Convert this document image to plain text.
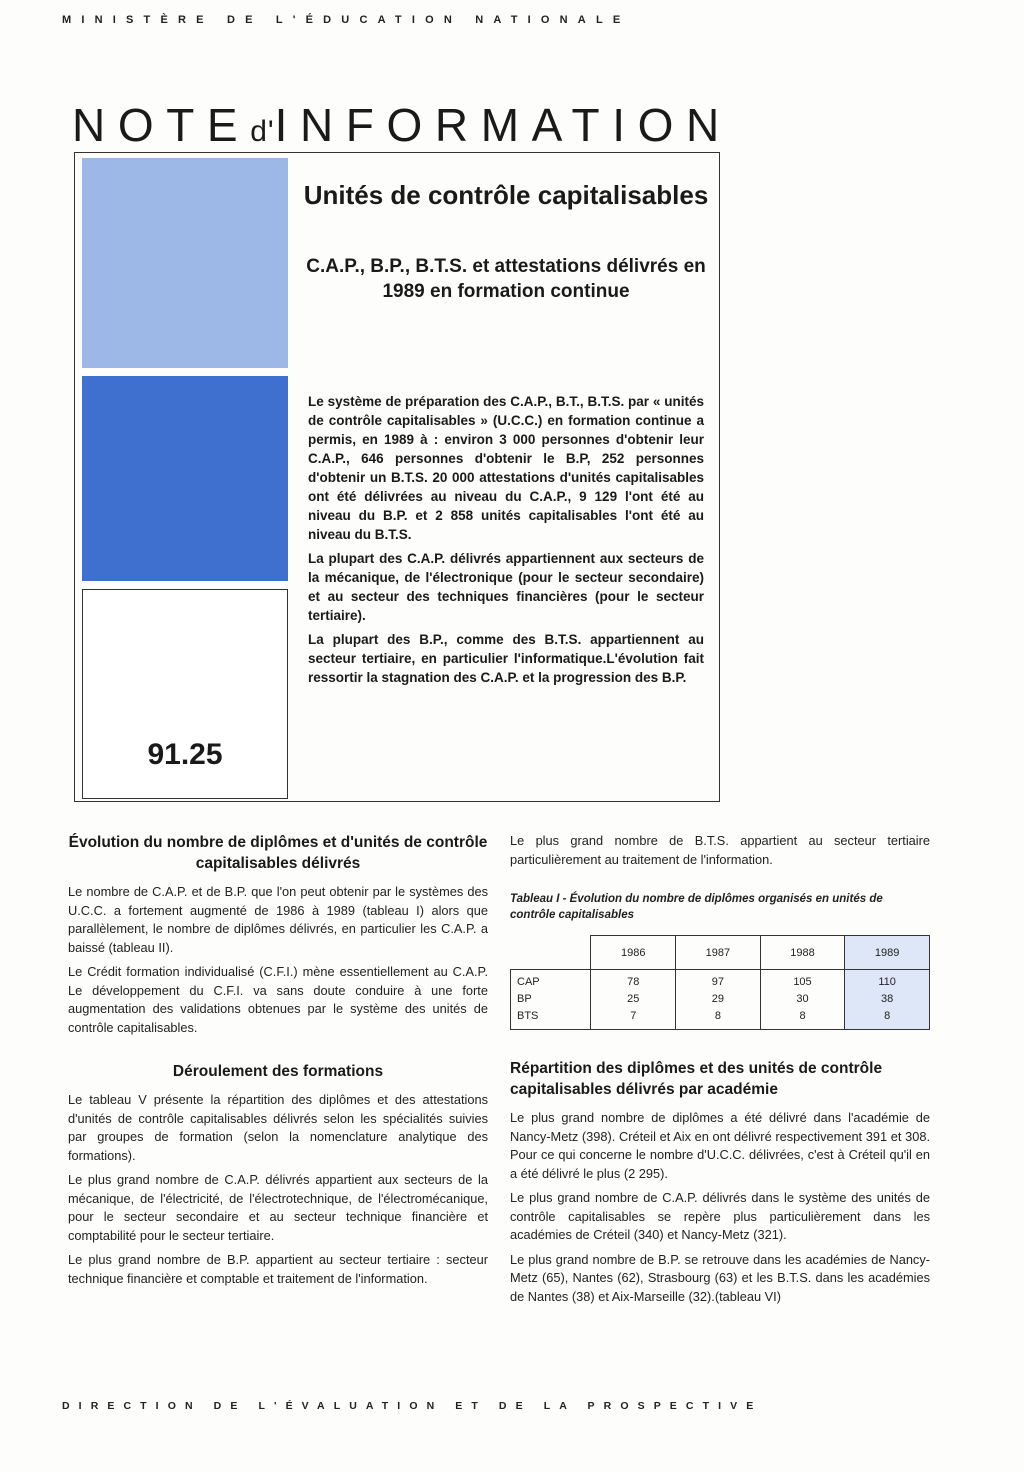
MINISTÈRE DE L'ÉDUCATION NATIONALE
NOTEd'INFORMATION
91.25
Unités de contrôle capitalisables
C.A.P., B.P., B.T.S. et attestations délivrés en 1989 en formation continue

Le système de préparation des C.A.P., B.T., B.T.S. par « unités de contrôle capitalisables » (U.C.C.) en formation continue a permis, en 1989 à : environ 3 000 personnes d'obtenir leur C.A.P., 646 personnes d'obtenir le B.P, 252 personnes d'obtenir un B.T.S. 20 000 attestations d'unités capitalisables ont été délivrées au niveau du C.A.P., 9 129 l'ont été au niveau du B.P. et 2 858 unités capitalisables l'ont été au niveau du B.T.S.

La plupart des C.A.P. délivrés appartiennent aux secteurs de la mécanique, de l'électronique (pour le secteur secondaire) et au secteur des techniques financières (pour le secteur tertiaire).

La plupart des B.P., comme des B.T.S. appartiennent au secteur tertiaire, en particulier l'informatique.L'évolution fait ressortir la stagnation des C.A.P. et la progression des B.P.

Évolution du nombre de diplômes et d'unités de contrôle capitalisables délivrés

Le nombre de C.A.P. et de B.P. que l'on peut obtenir par le systèmes des U.C.C. a fortement augmenté de 1986 à 1989 (tableau I) alors que parallèlement, le nombre de diplômes délivrés, en particulier les C.A.P. a baissé (tableau II).

Le Crédit formation individualisé (C.F.I.) mène essentiellement au C.A.P. Le développement du C.F.I. va sans doute conduire à une forte augmentation des validations obtenues par le système des unités de contrôle capitalisables.

Déroulement des formations

Le tableau V présente la répartition des diplômes et des attestations d'unités de contrôle capitalisables délivrés selon les spécialités suivies par groupes de formation (selon la nomenclature analytique des formations).

Le plus grand nombre de C.A.P. délivrés appartient aux secteurs de la mécanique, de l'électricité, de l'électrotechnique, de l'électromécanique, pour le secteur secondaire et au secteur technique financière et comptabilité pour le secteur tertiaire.

Le plus grand nombre de B.P. appartient au secteur tertiaire : secteur technique financière et comptable et traitement de l'information.

Le plus grand nombre de B.T.S. appartient au secteur tertiaire particulièrement au traitement de l'information.

Tableau I - Évolution du nombre de diplômes organisés en unités de contrôle capitalisables
	1986	1987	1988	1989
CAP	78	97	105	110
BP	25	29	30	38
BTS	7	8	8	8
Répartition des diplômes et des unités de contrôle capitalisables délivrés par académie

Le plus grand nombre de diplômes a été délivré dans l'académie de Nancy-Metz (398). Créteil et Aix en ont délivré respectivement 391 et 308. Pour ce qui concerne le nombre d'U.C.C. délivrées, c'est à Créteil qu'il en a été délivré le plus (2 295).

Le plus grand nombre de C.A.P. délivrés dans le système des unités de contrôle capitalisables se repère plus particulièrement dans les académies de Créteil (340) et Nancy-Metz (321).

Le plus grand nombre de B.P. se retrouve dans les académies de Nancy-Metz (65), Nantes (62), Strasbourg (63) et les B.T.S. dans les académies de Nantes (38) et Aix-Marseille (32).(tableau VI)

DIRECTION DE L'ÉVALUATION ET DE LA PROSPECTIVE
